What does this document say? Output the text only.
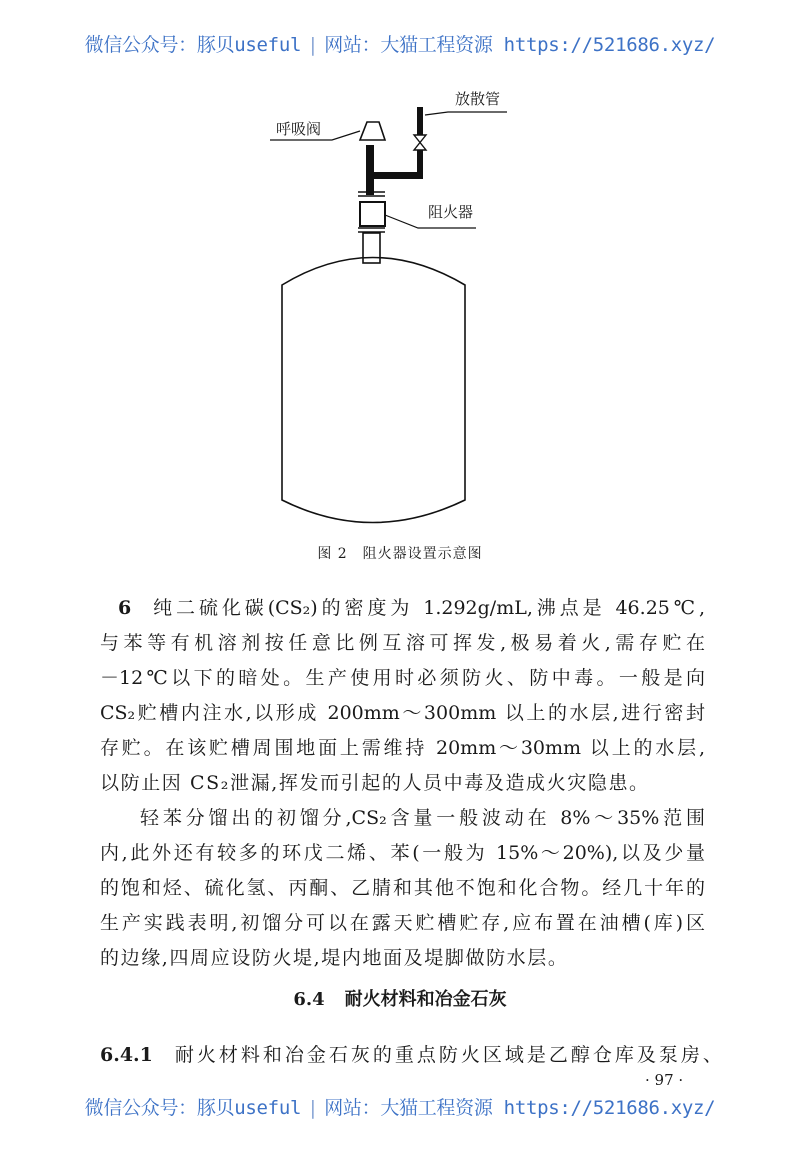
微信公众号：豚贝useful | 网站：大猫工程资源 https://521686.xyz/
放散管
呼吸阀
阻火器
图 2　阻火器设置示意图
6 纯二硫化碳(CS₂)的密度为 1.292g/mL,沸点是 46.25℃,
与苯等有机溶剂按任意比例互溶可挥发,极易着火,需存贮在
－12℃以下的暗处。生产使用时必须防火、防中毒。一般是向
CS₂贮槽内注水,以形成 200mm～300mm 以上的水层,进行密封
存贮。在该贮槽周围地面上需维持 20mm～30mm 以上的水层,
以防止因 CS₂泄漏,挥发而引起的人员中毒及造成火灾隐患。
轻苯分馏出的初馏分,CS₂含量一般波动在 8%～35%范围
内,此外还有较多的环戊二烯、苯(一般为 15%～20%),以及少量
的饱和烃、硫化氢、丙酮、乙腈和其他不饱和化合物。经几十年的
生产实践表明,初馏分可以在露天贮槽贮存,应布置在油槽(库)区
的边缘,四周应设防火堤,堤内地面及堤脚做防水层。
6.4 耐火材料和冶金石灰
6.4.1 耐火材料和冶金石灰的重点防火区域是乙醇仓库及泵房、
· 97 ·
微信公众号：豚贝useful | 网站：大猫工程资源 https://521686.xyz/
